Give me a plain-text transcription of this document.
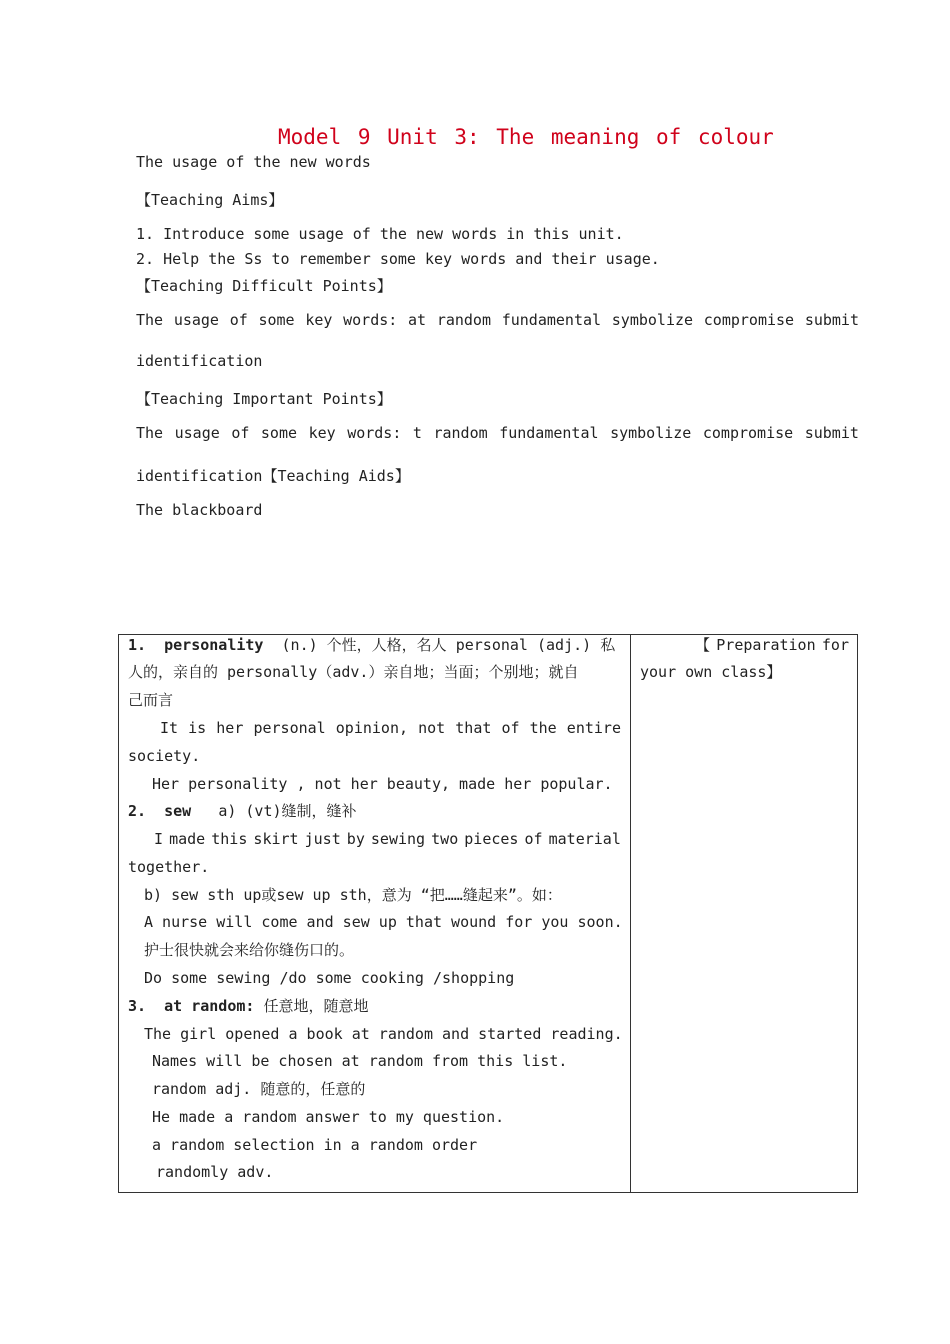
Model 9 Unit 3: The meaning of colour
The usage of the new words
【Teaching Aims】
1. Introduce some usage of the new words in this unit.
2. Help the Ss to remember some key words and their usage.
【Teaching Difficult Points】
The usage of some key words: at random fundamental symbolize compromise submit
identification
【Teaching Important Points】
The usage of some key words: t random fundamental symbolize compromise submit
identification【Teaching Aids】
The blackboard
1. personality (n.) 个性，人格，名人 personal (adj.) 私
人的，亲自的 personally（adv.）亲自地；当面；个别地；就自
己而言
It is her personal opinion, not that of the entire
society.
Her personality , not her beauty, made her popular.
2. sew a) (vt)缝制，缝补
I made this skirt just by sewing two pieces of material
together.
b) sew sth up或sew up sth，意为 “把……缝起来”。如：
A nurse will come and sew up that wound for you soon.
护士很快就会来给你缝伤口的。
Do some sewing /do some cooking /shopping
3. at random: 任意地，随意地
The girl opened a book at random and started reading.
Names will be chosen at random from this list.
random adj. 随意的，任意的
He made a random answer to my question.
a random selection in a random order
randomly adv.

【 Preparation for
your own class】
